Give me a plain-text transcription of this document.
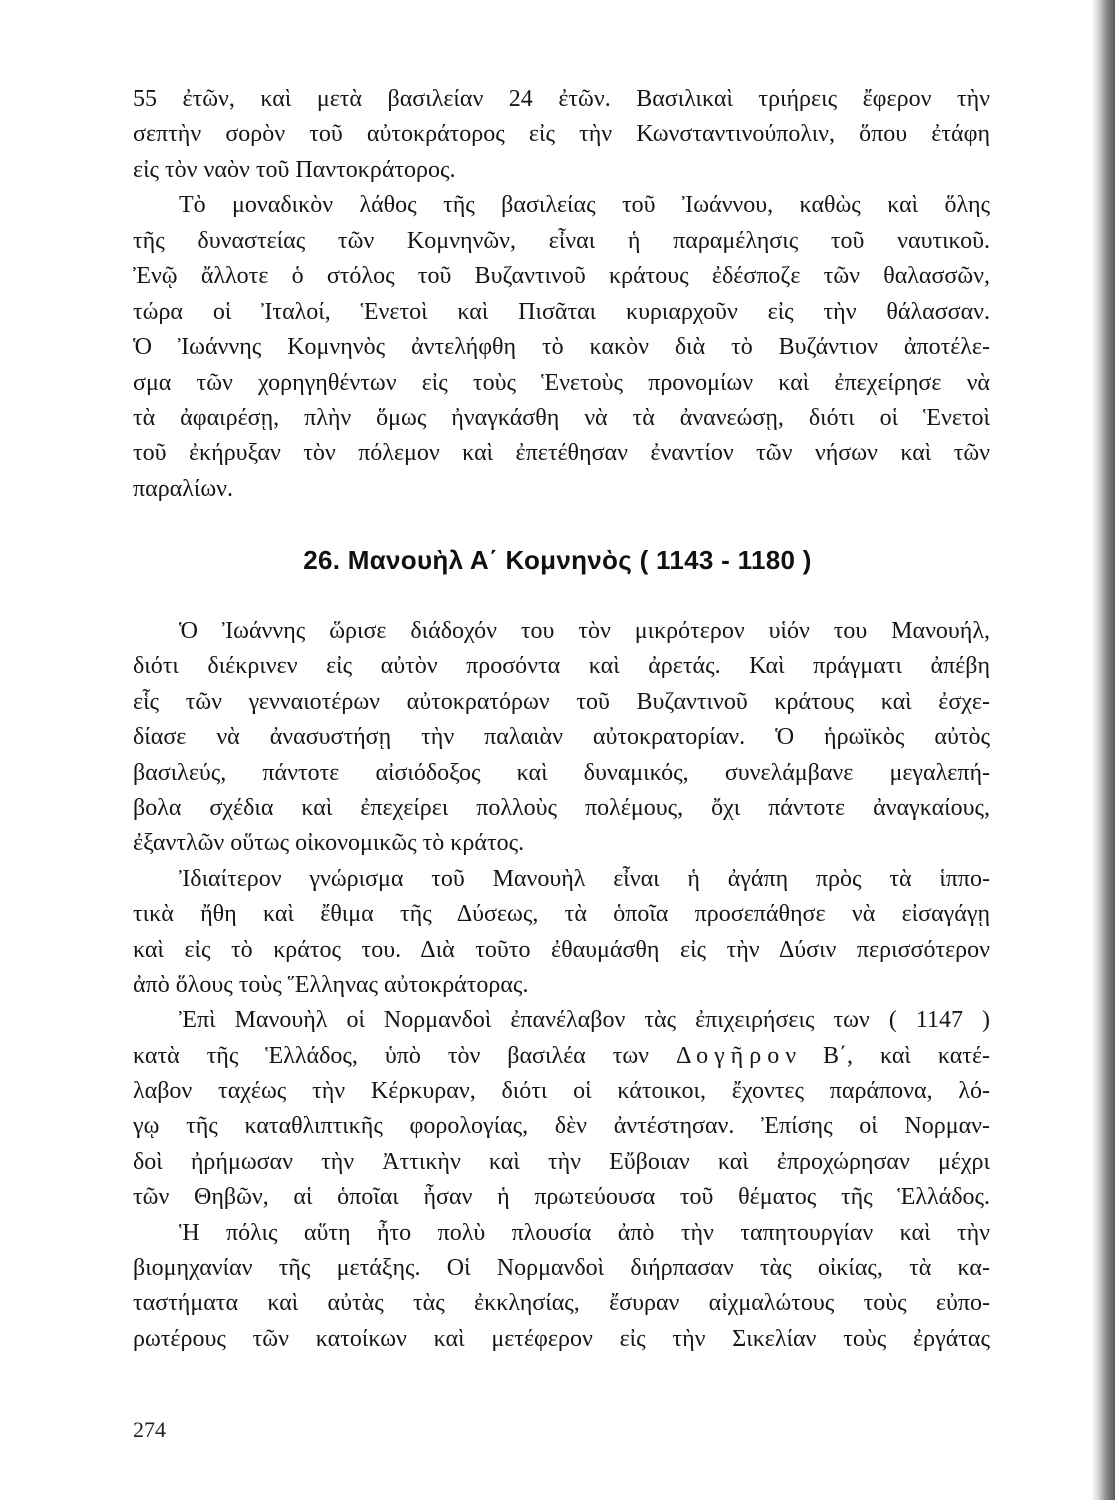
55 ἐτῶν, καὶ μετὰ βασιλείαν 24 ἐτῶν. Βασιλικαὶ τριήρεις ἔφερον τὴν
σεπτὴν σορὸν τοῦ αὐτοκράτορος εἰς τὴν Κωνσταντινούπολιν, ὅπου ἐτάφη
εἰς τὸν ναὸν τοῦ Παντοκράτορος.
Τὸ μοναδικὸν λάθος τῆς βασιλείας τοῦ Ἰωάννου, καθὼς καὶ ὅλης
τῆς δυναστείας τῶν Κομνηνῶν, εἶναι ἡ παραμέλησις τοῦ ναυτικοῦ.
Ἐνῷ ἄλλοτε ὁ στόλος τοῦ Βυζαντινοῦ κράτους ἐδέσποζε τῶν θαλασσῶν,
τώρα οἱ Ἰταλοί, Ἑνετοὶ καὶ Πισᾶται κυριαρχοῦν εἰς τὴν θάλασσαν.
Ὁ Ἰωάννης Κομνηνὸς ἀντελήφθη τὸ κακὸν διὰ τὸ Βυζάντιον ἀποτέλε-
σμα τῶν χορηγηθέντων εἰς τοὺς Ἑνετοὺς προνομίων καὶ ἐπεχείρησε νὰ
τὰ ἀφαιρέσῃ, πλὴν ὅμως ἠναγκάσθη νὰ τὰ ἀνανεώσῃ, διότι οἱ Ἑνετοὶ
τοῦ ἐκήρυξαν τὸν πόλεμον καὶ ἐπετέθησαν ἐναντίον τῶν νήσων καὶ τῶν
παραλίων.
26. Μανουὴλ Α΄ Κομνηνὸς ( 1143 - 1180 )
Ὁ Ἰωάννης ὥρισε διάδοχόν του τὸν μικρότερον υἱόν του Μανουήλ,
διότι διέκρινεν εἰς αὐτὸν προσόντα καὶ ἀρετάς. Καὶ πράγματι ἀπέβη
εἷς τῶν γενναιοτέρων αὐτοκρατόρων τοῦ Βυζαντινοῦ κράτους καὶ ἐσχε-
δίασε νὰ ἀνασυστήσῃ τὴν παλαιὰν αὐτοκρατορίαν. Ὁ ἡρωϊκὸς αὐτὸς
βασιλεύς, πάντοτε αἰσιόδοξος καὶ δυναμικός, συνελάμβανε μεγαλεπή-
βολα σχέδια καὶ ἐπεχείρει πολλοὺς πολέμους, ὄχι πάντοτε ἀναγκαίους,
ἐξαντλῶν οὕτως οἰκονομικῶς τὸ κράτος.
Ἰδιαίτερον γνώρισμα τοῦ Μανουὴλ εἶναι ἡ ἀγάπη πρὸς τὰ ἱππο-
τικὰ ἤθη καὶ ἔθιμα τῆς Δύσεως, τὰ ὁποῖα προσεπάθησε νὰ εἰσαγάγῃ
καὶ εἰς τὸ κράτος του. Διὰ τοῦτο ἐθαυμάσθη εἰς τὴν Δύσιν περισσότερον
ἀπὸ ὅλους τοὺς Ἕλληνας αὐτοκράτορας.
Ἐπὶ Μανουὴλ οἱ Νορμανδοὶ ἐπανέλαβον τὰς ἐπιχειρήσεις των ( 1147 )
κατὰ τῆς Ἑλλάδος, ὑπὸ τὸν βασιλέα των Δ ο γ ῆ ρ ο ν Β΄, καὶ κατέ-
λαβον ταχέως τὴν Κέρκυραν, διότι οἱ κάτοικοι, ἔχοντες παράπονα, λό-
γῳ τῆς καταθλιπτικῆς φορολογίας, δὲν ἀντέστησαν. Ἐπίσης οἱ Νορμαν-
δοὶ ἠρήμωσαν τὴν Ἀττικὴν καὶ τὴν Εὔβοιαν καὶ ἐπροχώρησαν μέχρι
τῶν Θηβῶν, αἱ ὁποῖαι ἦσαν ἡ πρωτεύουσα τοῦ θέματος τῆς Ἑλλάδος.
Ἡ πόλις αὕτη ἦτο πολὺ πλουσία ἀπὸ τὴν ταπητουργίαν καὶ τὴν
βιομηχανίαν τῆς μετάξης. Οἱ Νορμανδοὶ διήρπασαν τὰς οἰκίας, τὰ κα-
ταστήματα καὶ αὐτὰς τὰς ἐκκλησίας, ἔσυραν αἰχμαλώτους τοὺς εὐπο-
ρωτέρους τῶν κατοίκων καὶ μετέφερον εἰς τὴν Σικελίαν τοὺς ἐργάτας
274
